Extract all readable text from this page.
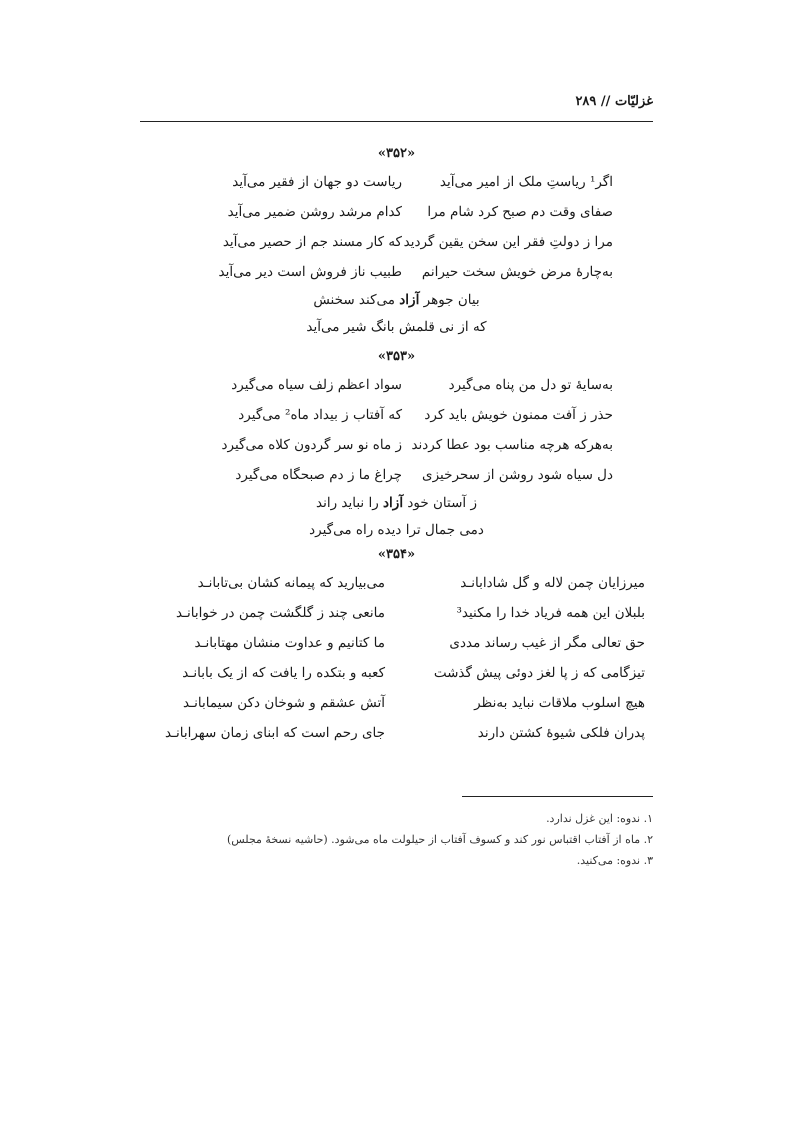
غزلیّات // ۲۸۹
«۳۵۲»
اگر¹ ریاستِ ملک از امیر می‌آید
ریاست دو جهان از فقیر می‌آید
صفای وقت دم صبح کرد شام مرا
کدام مرشد روشن ضمیر می‌آید
مرا ز دولتِ فقر این سخن یقین گردید
که کار مسند جم از حصیر می‌آید
به‌چارهٔ مرض خویش سخت حیرانم
طبیب ناز فروش است دیر می‌آید
بیان جوهر آزاد می‌کند سخنش
که از نی قلمش بانگ شیر می‌آید
«۳۵۳»
به‌سایهٔ تو دل من پناه می‌گیرد
سواد اعظم زلف سیاه می‌گیرد
حذر ز آفت ممنون خویش باید کرد
که آفتاب ز بیداد ماه² می‌گیرد
به‌هرکه هرچه مناسب بود عطا کردند
ز ماه نو سر گردون کلاه می‌گیرد
دل سیاه شود روشن از سحرخیزی
چراغ ما ز دم صبحگاه می‌گیرد
ز آستان خود آزاد را نباید راند
دمی جمال ترا دیده راه می‌گیرد
«۳۵۴»
میرزایان چمن لاله و گل شادابانـد
می‌بیارید که پیمانه کشان بی‌تابانـد
بلبلان این همه فریاد خدا را مکنید³
مانعی چند ز گلگشت چمن در خوابانـد
حق تعالی مگر از غیب رساند مددی
ما کتانیم و عداوت منشان مهتابانـد
تیزگامی که ز پا لغز دوئی پیش گذشت
کعبه و بتکده را یافت که از یک بابانـد
هیچ اسلوب ملاقات نباید به‌نظر
آتش عشقم و شوخان دکن سیمابانـد
پدران فلکی شیوهٔ کشتن دارند
جای رحم است که ابنای زمان سهرابانـد
۱. ندوه: این غزل ندارد.
۲. ماه از آفتاب اقتباس نور کند و کسوف آفتاب از حیلولت ماه می‌شود. (حاشیه نسخهٔ مجلس)
۳. ندوه: می‌کنید.
